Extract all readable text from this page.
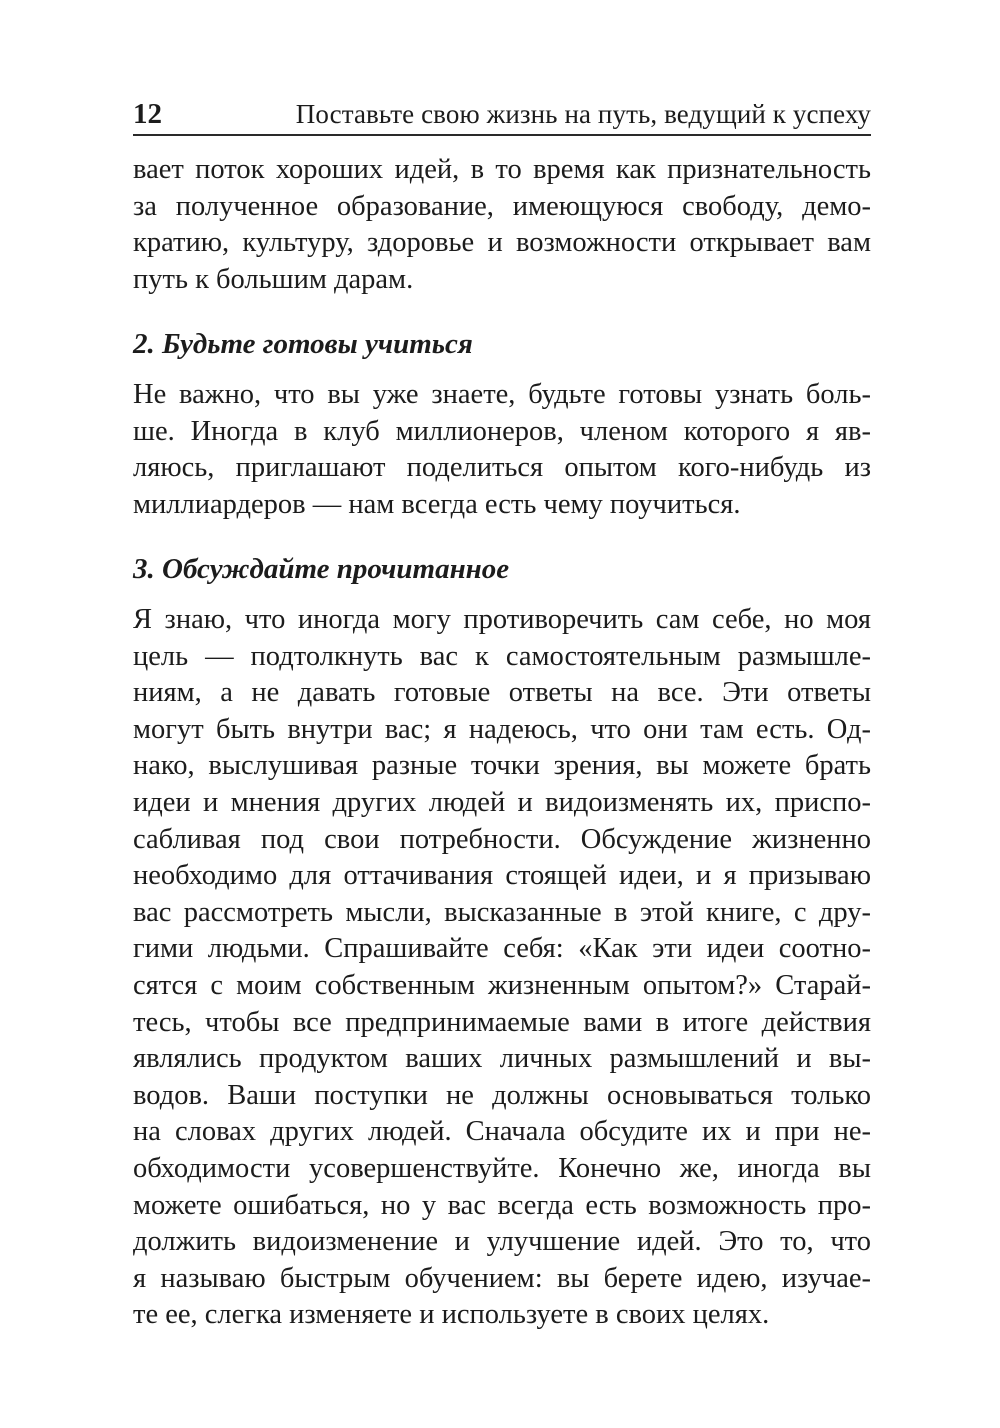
12	Поставьте свою жизнь на путь, ведущий к успеху
вает поток хороших идей, в то время как признательность
за полученное образование, имеющуюся свободу, демо-
кратию, культуру, здоровье и возможности открывает вам
путь к большим дарам.
2. Будьте готовы учиться
Не важно, что вы уже знаете, будьте готовы узнать боль-
ше. Иногда в клуб миллионеров, членом которого я яв-
ляюсь, приглашают поделиться опытом кого-нибудь из
миллиардеров — нам всегда есть чему поучиться.
3. Обсуждайте прочитанное
Я знаю, что иногда могу противоречить сам себе, но моя
цель — подтолкнуть вас к самостоятельным размышле-
ниям, а не давать готовые ответы на все. Эти ответы
могут быть внутри вас; я надеюсь, что они там есть. Од-
нако, выслушивая разные точки зрения, вы можете брать
идеи и мнения других людей и видоизменять их, приспо-
сабливая под свои потребности. Обсуждение жизненно
необходимо для оттачивания стоящей идеи, и я призываю
вас рассмотреть мысли, высказанные в этой книге, с дру-
гими людьми. Спрашивайте себя: «Как эти идеи соотно-
сятся с моим собственным жизненным опытом?» Старай-
тесь, чтобы все предпринимаемые вами в итоге действия
являлись продуктом ваших личных размышлений и вы-
водов. Ваши поступки не должны основываться только
на словах других людей. Сначала обсудите их и при не-
обходимости усовершенствуйте. Конечно же, иногда вы
можете ошибаться, но у вас всегда есть возможность про-
должить видоизменение и улучшение идей. Это то, что
я называю быстрым обучением: вы берете идею, изучае-
те ее, слегка изменяете и используете в своих целях.
